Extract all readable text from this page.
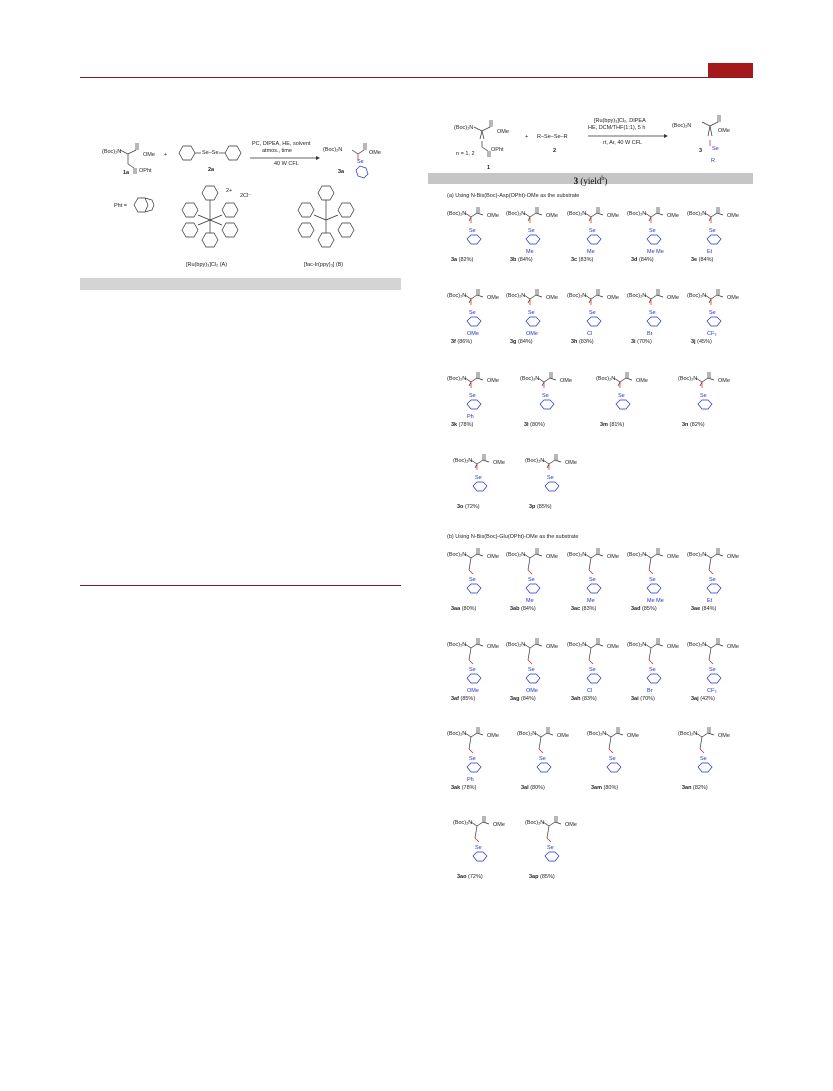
(Boc)₂N	OMe
OPht
1a
+	Se–Se
2a
PC, DIPEA, HE, solvent
atmos., time
40 W CFL
(Boc)₂N	OMe
Se
3a
Pht =
2+
2Cl⁻
[Ru(bpy)₃]Cl₂ (A)	[fac-Ir(ppy)₃] (B)
(Boc)₂N
OMe
OPht
n = 1, 2
1
+ R–Se–Se–R
2
[Ru(bpy)₃]Cl₂, DIPEA
HE, DCM/THF(1:1), 5 h
rt, Ar, 40 W CFL
(Boc)₂N
OMe
Se
R
3
3 (yield$^b$)
(a) Using N-Bis(Boc)-Asp(OPht)-OMe as the substrate
(Boc)₂N	OMe
Se
3a (82%)
(Boc)₂N	OMe
Se
Me
3b (84%)
(Boc)₂N	OMe
Se
Me
3c (83%)
(Boc)₂N	OMe
Se
Me Me
3d (84%)
(Boc)₂N	OMe
Se
Et
3e (84%)
(Boc)₂N	OMe
Se
OMe
3f (86%)
(Boc)₂N	OMe
Se
OMe
3g (84%)
(Boc)₂N	OMe
Se
Cl
3h (83%)
(Boc)₂N	OMe
Se
Br
3i (70%)
(Boc)₂N	OMe
Se
CF₃
3j (45%)
(Boc)₂N	OMe
Se
Ph
3k (78%)
(Boc)₂N	OMe
Se
3l (80%)
(Boc)₂N	OMe
Se
3m (81%)
(Boc)₂N	OMe
Se
3n (82%)
(Boc)₂N	OMe
Se
3o (72%)
(Boc)₂N	OMe
Se
3p (85%)
(b) Using N-Bis(Boc)-Glu(OPht)-OMe as the substrate
(Boc)₂N	OMe
Se
3aa (80%)
(Boc)₂N	OMe
Se
Me
3ab (84%)
(Boc)₂N	OMe
Se
Me
3ac (83%)
(Boc)₂N	OMe
Se
Me Me
3ad (85%)
(Boc)₂N	OMe
Se
Et
3ae (84%)
(Boc)₂N	OMe
Se
OMe
3af (85%)
(Boc)₂N	OMe
Se
OMe
3ag (84%)
(Boc)₂N	OMe
Se
Cl
3ah (83%)
(Boc)₂N	OMe
Se
Br
3ai (70%)
(Boc)₂N	OMe
Se
CF₃
3aj (42%)
(Boc)₂N	OMe
Se
Ph
3ak (78%)
(Boc)₂N	OMe
Se
3al (80%)
(Boc)₂N	OMe
Se
3am (80%)
(Boc)₂N	OMe
Se
3an (82%)
(Boc)₂N	OMe
Se
3ao (72%)
(Boc)₂N	OMe
Se
3ap (85%)
